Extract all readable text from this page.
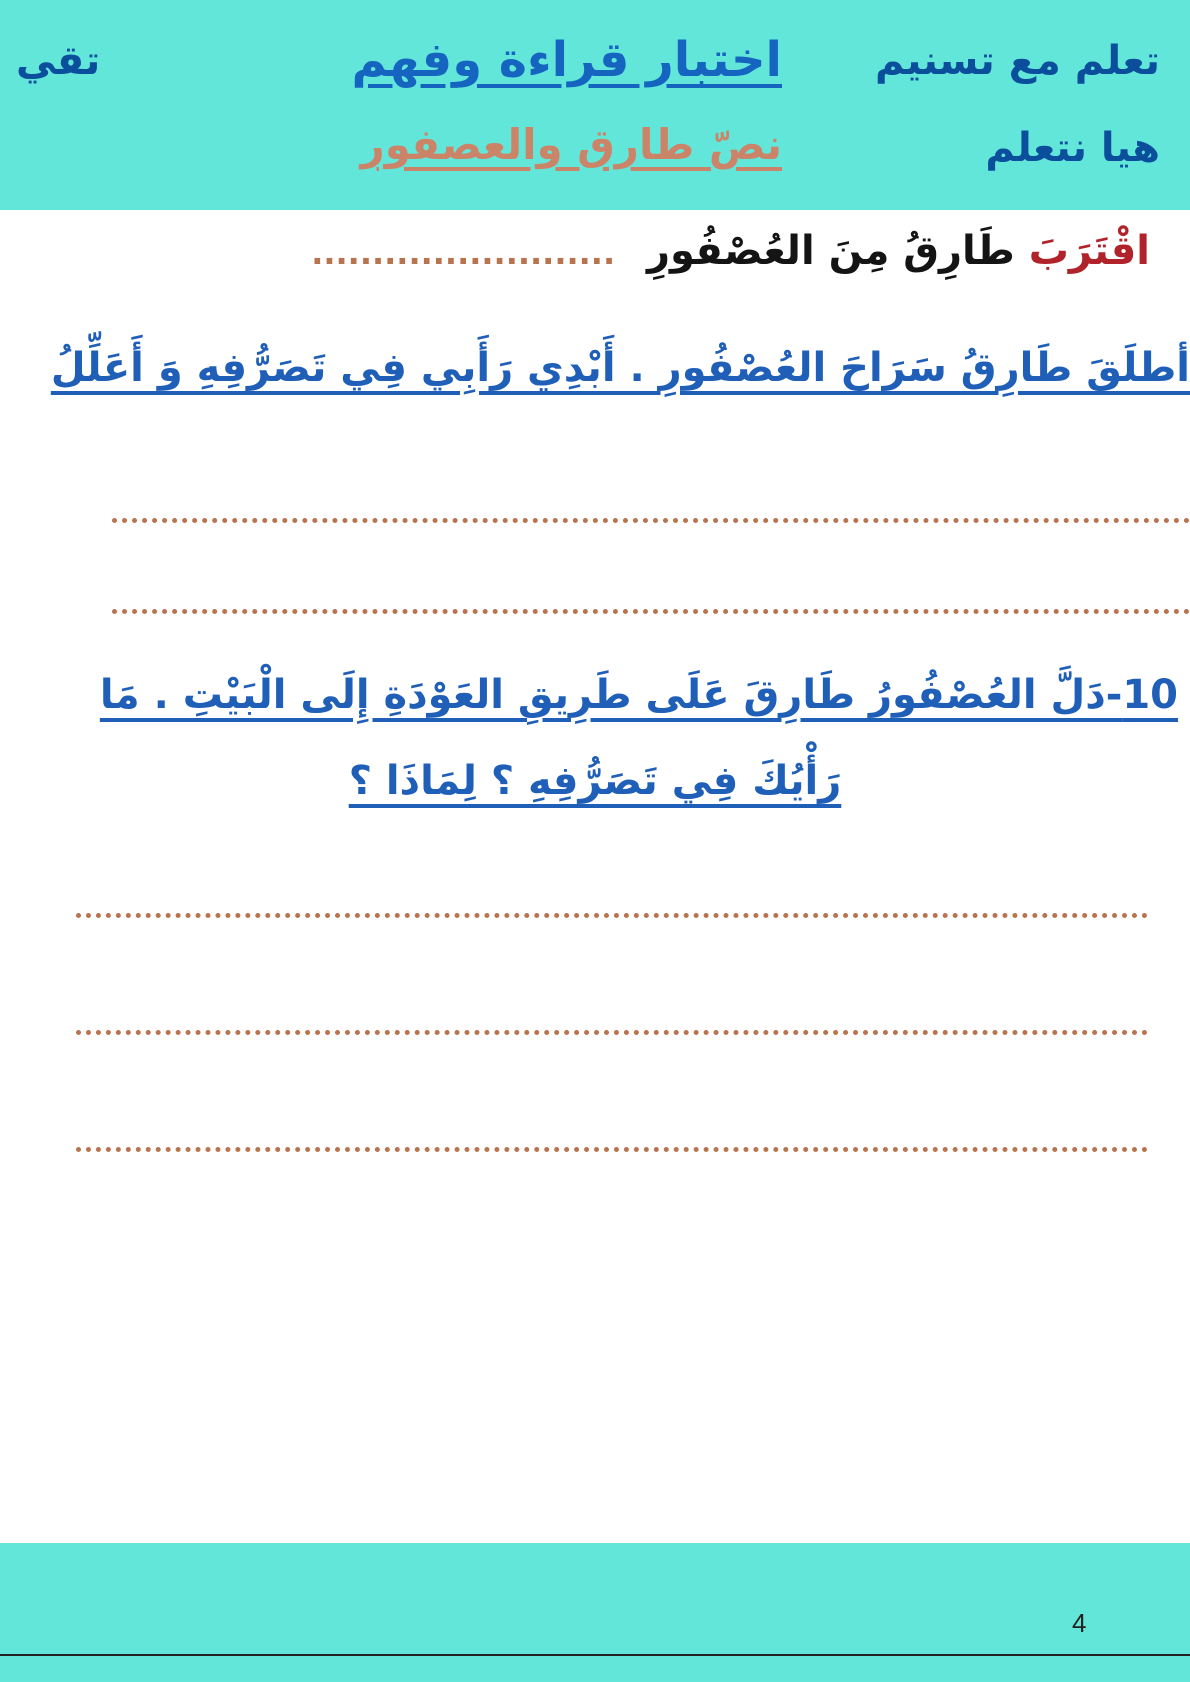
تعلم مع تسنيم
هيا نتعلم
اختبار قراءة وفهم
نصّ طارق والعصفور
تقي
اقْتَرَبَ طَارِقُ مِنَ العُصْفُورِ .........................
أطلَقَ طَارِقُ سَرَاحَ العُصْفُورِ . أَبْدِي رَأَبِي فِي تَصَرُّفِهِ وَ أَعَلِّلُ
10-دَلَّ العُصْفُورُ طَارِقَ عَلَى طَرِيقِ العَوْدَةِ إِلَى الْبَيْتِ . مَا
رَأْيُكَ فِي تَصَرُّفِهِ ؟ لِمَاذَا ؟
4
